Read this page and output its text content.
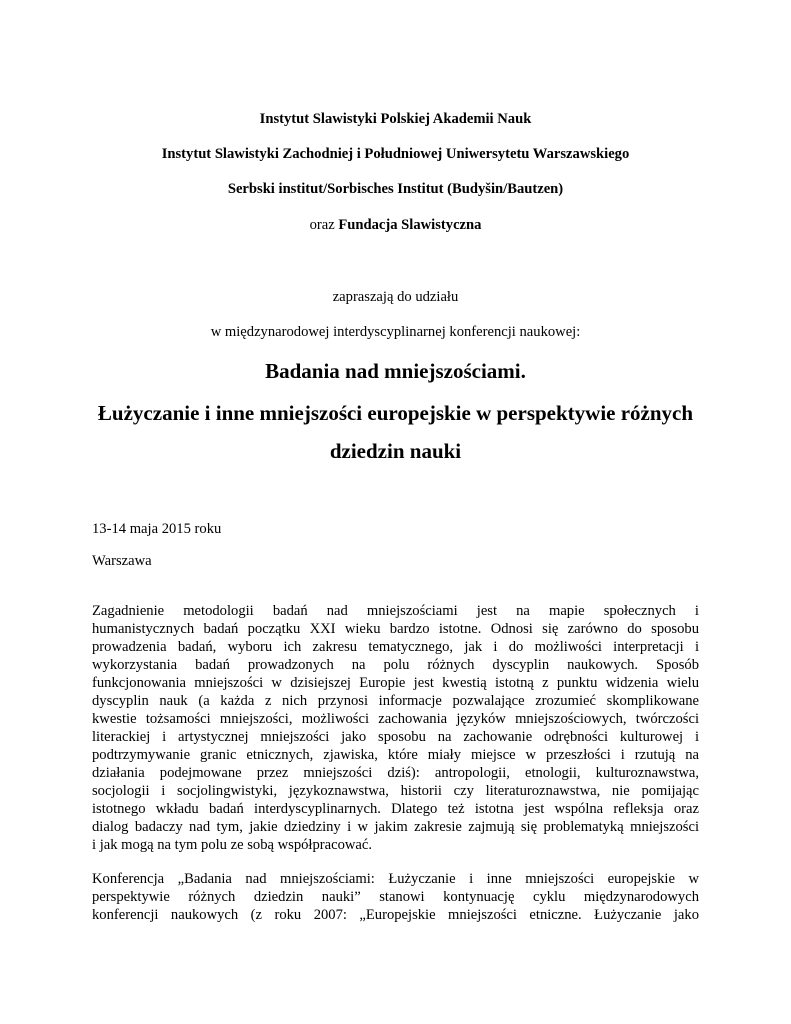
Instytut Slawistyki Polskiej Akademii Nauk
Instytut Slawistyki Zachodniej i Południowej Uniwersytetu Warszawskiego
Serbski institut/Sorbisches Institut (Budyšin/Bautzen)
oraz Fundacja Slawistyczna
zapraszają do udziału
w międzynarodowej interdyscyplinarnej konferencji naukowej:
Badania nad mniejszościami.
Łużyczanie i inne mniejszości europejskie w perspektywie różnych
dziedzin nauki
13-14 maja 2015 roku
Warszawa
Zagadnienie metodologii badań nad mniejszościami jest na mapie społecznych i
humanistycznych badań początku XXI wieku bardzo istotne. Odnosi się zarówno do sposobu
prowadzenia badań, wyboru ich zakresu tematycznego, jak i do możliwości interpretacji i
wykorzystania badań prowadzonych na polu różnych dyscyplin naukowych. Sposób
funkcjonowania mniejszości w dzisiejszej Europie jest kwestią istotną z punktu widzenia wielu
dyscyplin nauk (a każda z nich przynosi informacje pozwalające zrozumieć skomplikowane
kwestie tożsamości mniejszości, możliwości zachowania języków mniejszościowych, twórczości
literackiej i artystycznej mniejszości jako sposobu na zachowanie odrębności kulturowej i
podtrzymywanie granic etnicznych, zjawiska, które miały miejsce w przeszłości i rzutują na
działania podejmowane przez mniejszości dziś): antropologii, etnologii, kulturoznawstwa,
socjologii i socjolingwistyki, językoznawstwa, historii czy literaturoznawstwa, nie pomijając
istotnego wkładu badań interdyscyplinarnych. Dlatego też istotna jest wspólna refleksja oraz
dialog badaczy nad tym, jakie dziedziny i w jakim zakresie zajmują się problematyką mniejszości
i jak mogą na tym polu ze sobą współpracować.
Konferencja „Badania nad mniejszościami: Łużyczanie i inne mniejszości europejskie w
perspektywie różnych dziedzin nauki” stanowi kontynuację cyklu międzynarodowych
konferencji naukowych (z roku 2007: „Europejskie mniejszości etniczne. Łużyczanie jako
